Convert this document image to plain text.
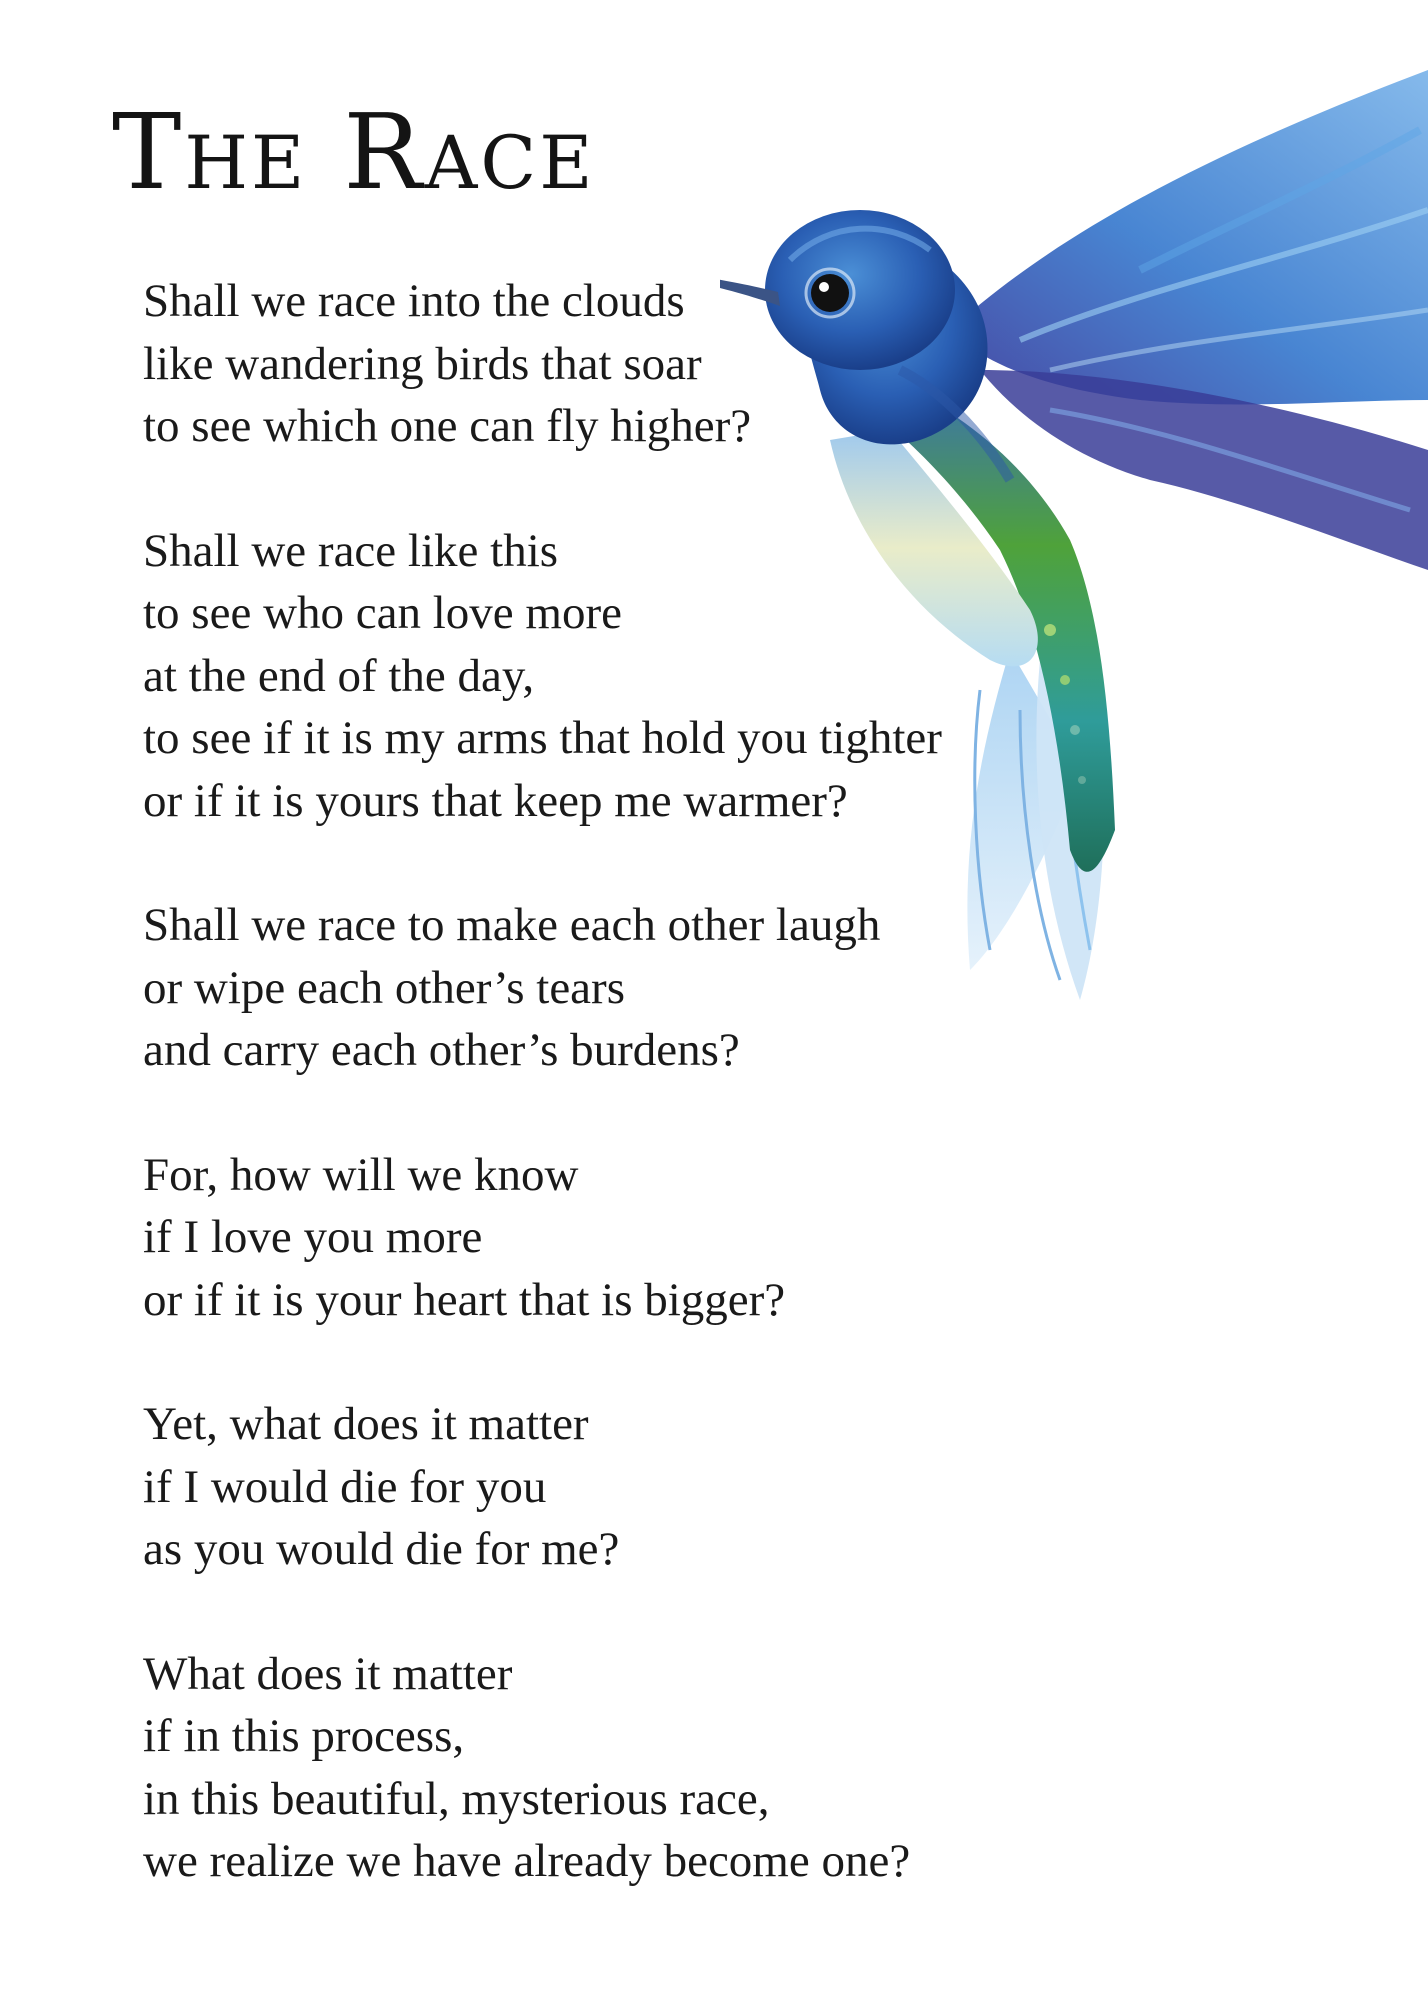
The Race
Shall we race into the clouds
like wandering birds that soar
to see which one can fly higher?
Shall we race like this
to see who can love more
at the end of the day,
to see if it is my arms that hold you tighter
or if it is yours that keep me warmer?
Shall we race to make each other laugh
or wipe each other’s tears
and carry each other’s burdens?
For, how will we know
if I love you more
or if it is your heart that is bigger?
Yet, what does it matter
if I would die for you
as you would die for me?
What does it matter
if in this process,
in this beautiful, mysterious race,
we realize we have already become one?
